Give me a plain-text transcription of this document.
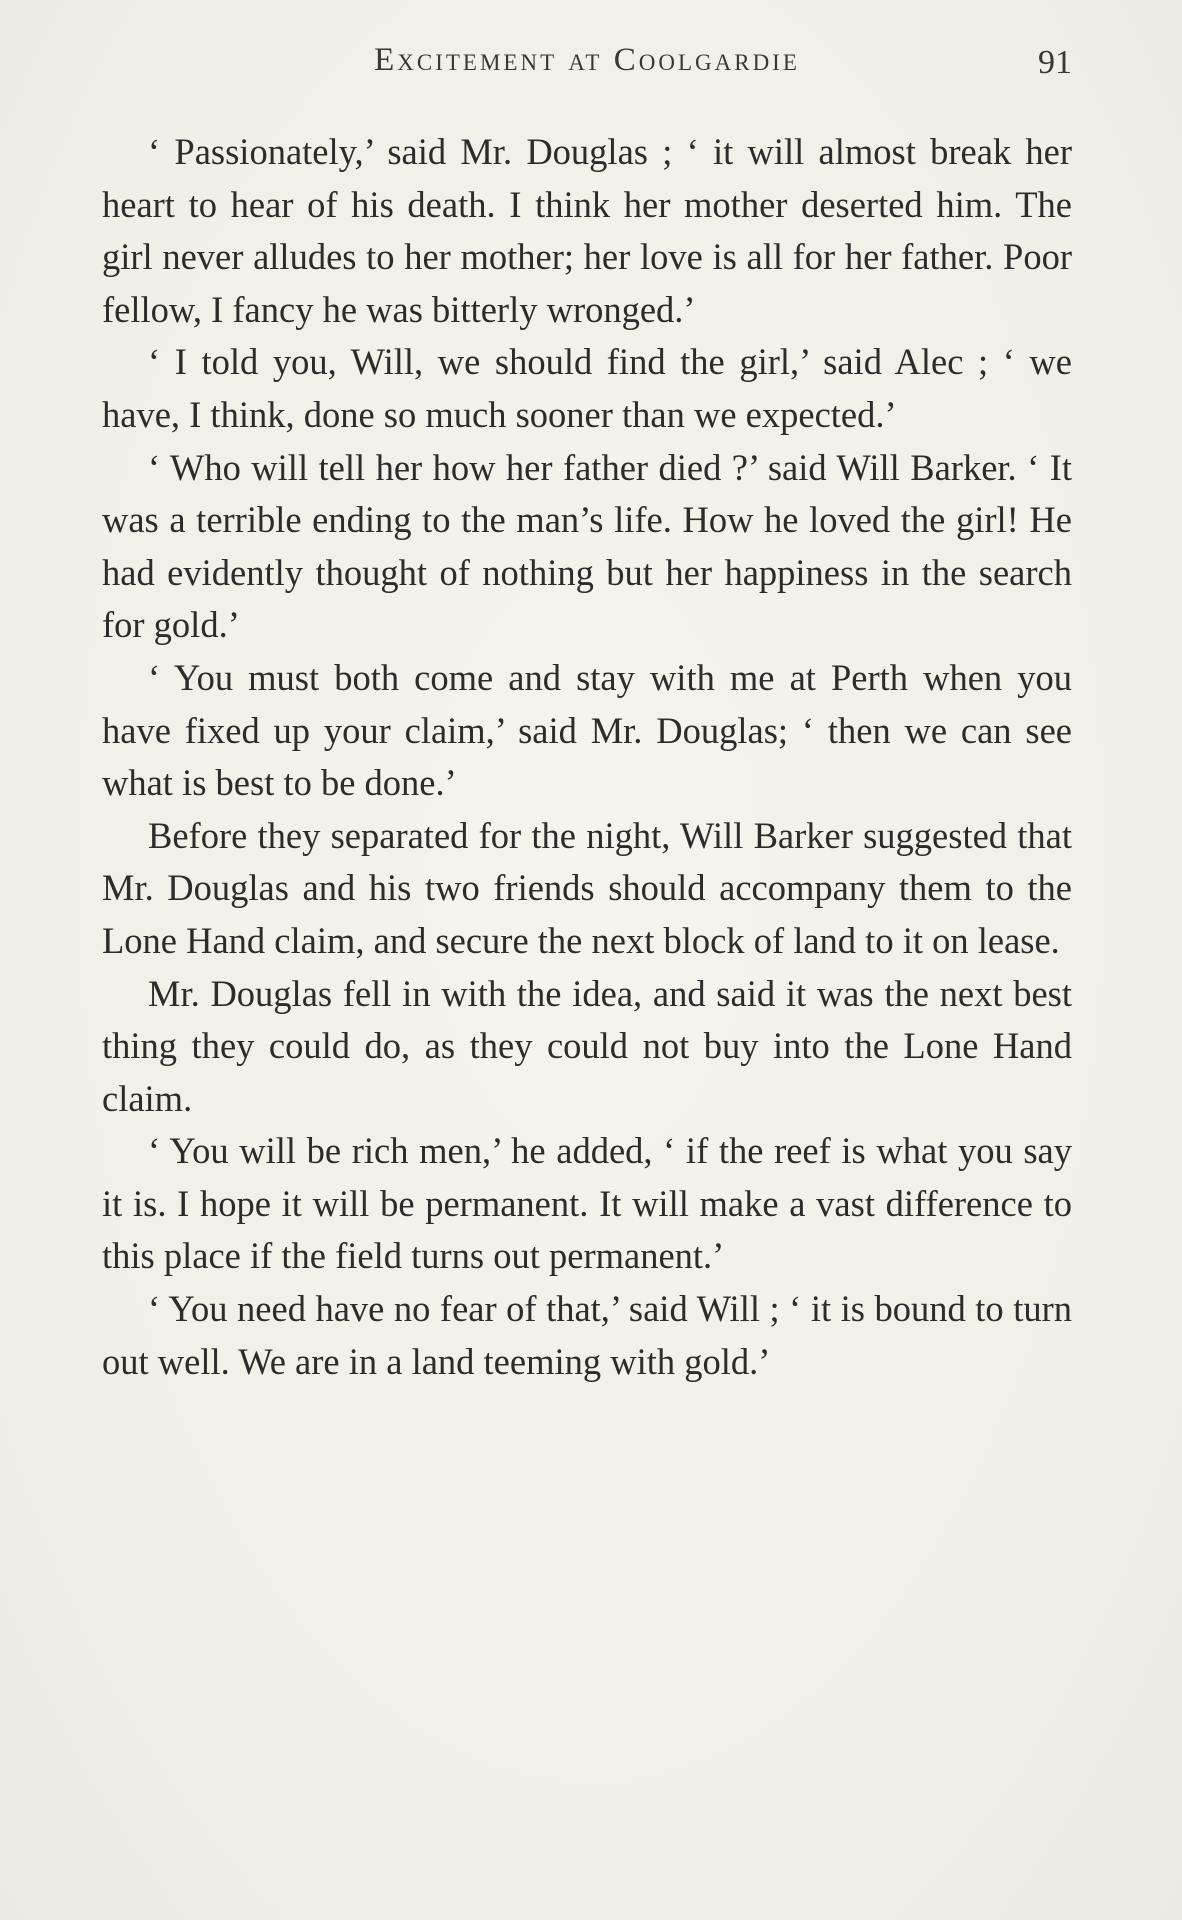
Excitement at Coolgardie	91

‘ Passionately,’ said Mr. Douglas ; ‘ it will almost break her heart to hear of his death. I think her mother deserted him. The girl never alludes to her mother; her love is all for her father. Poor fellow, I fancy he was bitterly wronged.’

‘ I told you, Will, we should find the girl,’ said Alec ; ‘ we have, I think, done so much sooner than we expected.’

‘ Who will tell her how her father died ?’ said Will Barker. ‘ It was a terrible ending to the man’s life. How he loved the girl! He had evidently thought of nothing but her happiness in the search for gold.’

‘ You must both come and stay with me at Perth when you have fixed up your claim,’ said Mr. Douglas; ‘ then we can see what is best to be done.’

Before they separated for the night, Will Barker suggested that Mr. Douglas and his two friends should accompany them to the Lone Hand claim, and secure the next block of land to it on lease.

Mr. Douglas fell in with the idea, and said it was the next best thing they could do, as they could not buy into the Lone Hand claim.

‘ You will be rich men,’ he added, ‘ if the reef is what you say it is. I hope it will be permanent. It will make a vast difference to this place if the field turns out permanent.’

‘ You need have no fear of that,’ said Will ; ‘ it is bound to turn out well. We are in a land teeming with gold.’
